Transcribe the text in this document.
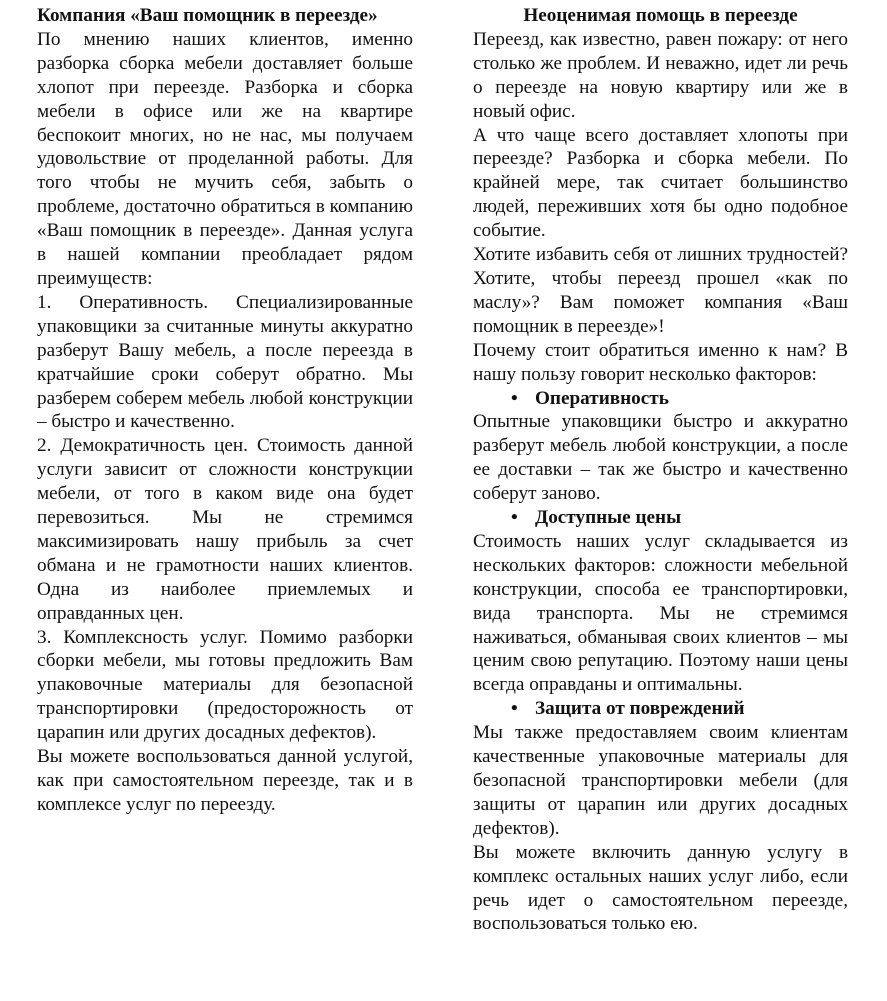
Компания «Ваш помощник в переезде»

По мнению наших клиентов, именно разборка сборка мебели доставляет больше хлопот при переезде. Разборка и сборка мебели в офисе или же на квартире беспокоит многих, но не нас, мы получаем удовольствие от проделанной работы. Для того чтобы не мучить себя, забыть о проблеме, достаточно обратиться в компанию «Ваш помощник в переезде». Данная услуга в нашей компании преобладает рядом преимуществ:

1. Оперативность. Специализированные упаковщики за считанные минуты аккуратно разберут Вашу мебель, а после переезда в кратчайшие сроки соберут обратно. Мы разберем соберем мебель любой конструкции – быстро и качественно.

2. Демократичность цен. Стоимость данной услуги зависит от сложности конструкции мебели, от того в каком виде она будет перевозиться. Мы не стремимся максимизировать нашу прибыль за счет обмана и не грамотности наших клиентов. Одна из наиболее приемлемых и оправданных цен.

3. Комплексность услуг. Помимо разборки сборки мебели, мы готовы предложить Вам упаковочные материалы для безопасной транспортировки (предосторожность от царапин или других досадных дефектов).

Вы можете воспользоваться данной услугой, как при самостоятельном переезде, так и в комплексе услуг по переезду.

Неоценимая помощь в переезде

Переезд, как известно, равен пожару: от него столько же проблем. И неважно, идет ли речь о переезде на новую квартиру или же в новый офис.

А что чаще всего доставляет хлопоты при переезде? Разборка и сборка мебели. По крайней мере, так считает большинство людей, переживших хотя бы одно подобное событие.

Хотите избавить себя от лишних трудностей? Хотите, чтобы переезд прошел «как по маслу»? Вам поможет компания «Ваш помощник в переезде»!

Почему стоит обратиться именно к нам? В нашу пользу говорит несколько факторов:

• Оперативность

Опытные упаковщики быстро и аккуратно разберут мебель любой конструкции, а после ее доставки – так же быстро и качественно соберут заново.

• Доступные цены

Стоимость наших услуг складывается из нескольких факторов: сложности мебельной конструкции, способа ее транспортировки, вида транспорта. Мы не стремимся наживаться, обманывая своих клиентов – мы ценим свою репутацию. Поэтому наши цены всегда оправданы и оптимальны.

• Защита от повреждений

Мы также предоставляем своим клиентам качественные упаковочные материалы для безопасной транспортировки мебели (для защиты от царапин или других досадных дефектов).

Вы можете включить данную услугу в комплекс остальных наших услуг либо, если речь идет о самостоятельном переезде, воспользоваться только ею.
